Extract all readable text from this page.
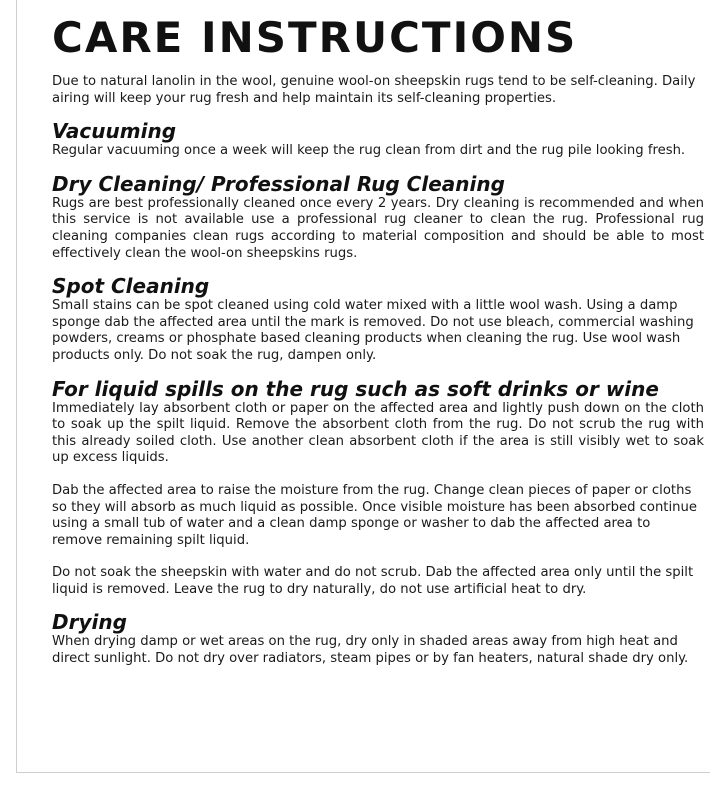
CARE INSTRUCTIONS

Due to natural lanolin in the wool, genuine wool-on sheepskin rugs tend to be self-cleaning. Daily airing will keep your rug fresh and help maintain its self-cleaning properties.

Vacuuming

Regular vacuuming once a week will keep the rug clean from dirt and the rug pile looking fresh.

Dry Cleaning/ Professional Rug Cleaning

Rugs are best professionally cleaned once every 2 years. Dry cleaning is recommended and when this service is not available use a professional rug cleaner to clean the rug. Professional rug cleaning companies clean rugs according to material composition and should be able to most effectively clean the wool-on sheepskins rugs.

Spot Cleaning

Small stains can be spot cleaned using cold water mixed with a little wool wash. Using a damp sponge dab the affected area until the mark is removed. Do not use bleach, commercial washing powders, creams or phosphate based cleaning products when cleaning the rug. Use wool wash products only. Do not soak the rug, dampen only.

For liquid spills on the rug such as soft drinks or wine

Immediately lay absorbent cloth or paper on the affected area and lightly push down on the cloth to soak up the spilt liquid. Remove the absorbent cloth from the rug. Do not scrub the rug with this already soiled cloth. Use another clean absorbent cloth if the area is still visibly wet to soak up excess liquids.

Dab the affected area to raise the moisture from the rug. Change clean pieces of paper or cloths so they will absorb as much liquid as possible. Once visible moisture has been absorbed continue using a small tub of water and a clean damp sponge or washer to dab the affected area to remove remaining spilt liquid.

Do not soak the sheepskin with water and do not scrub. Dab the affected area only until the spilt liquid is removed. Leave the rug to dry naturally, do not use artificial heat to dry.

Drying

When drying damp or wet areas on the rug, dry only in shaded areas away from high heat and direct sunlight. Do not dry over radiators, steam pipes or by fan heaters, natural shade dry only.
